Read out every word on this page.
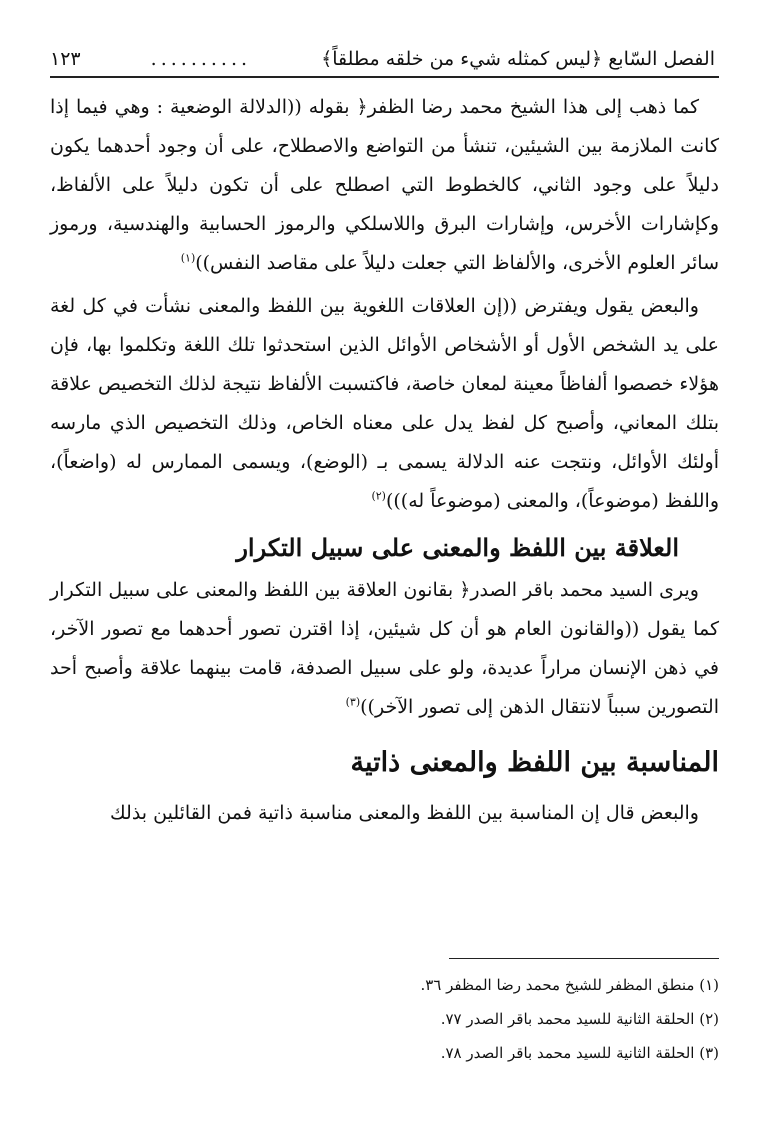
الفصل السّابع ﴿ليس كمثله شيء من خلقه مطلقاً﴾
..........
١٢٣

كما ذهب إلى هذا الشيخ محمد رضا الظفر﴿ بقوله ((الدلالة الوضعية : وهي فيما إذا كانت الملازمة بين الشيئين، تنشأ من التواضع والاصطلاح، على أن وجود أحدهما يكون دليلاً على وجود الثاني، كالخطوط التي اصطلح على أن تكون دليلاً على الألفاظ، وكإشارات الأخرس، وإشارات البرق واللاسلكي والرموز الحسابية والهندسية، ورموز سائر العلوم الأخرى، والألفاظ التي جعلت دليلاً على مقاصد النفس))$^{(١)}$

والبعض يقول ويفترض ((إن العلاقات اللغوية بين اللفظ والمعنى نشأت في كل لغة على يد الشخص الأول أو الأشخاص الأوائل الذين استحدثوا تلك اللغة وتكلموا بها، فإن هؤلاء خصصوا ألفاظاً معينة لمعان خاصة، فاكتسبت الألفاظ نتيجة لذلك التخصيص علاقة بتلك المعاني، وأصبح كل لفظ يدل على معناه الخاص، وذلك التخصيص الذي مارسه أولئك الأوائل، ونتجت عنه الدلالة يسمى بـ (الوضع)، ويسمى الممارس له (واضعاً)، واللفظ (موضوعاً)، والمعنى (موضوعاً له)))$^{(٢)}$

العلاقة بين اللفظ والمعنى على سبيل التكرار

ويرى السيد محمد باقر الصدر﴿ بقانون العلاقة بين اللفظ والمعنى على سبيل التكرار كما يقول ((والقانون العام هو أن كل شيئين، إذا اقترن تصور أحدهما مع تصور الآخر، في ذهن الإنسان مراراً عديدة، ولو على سبيل الصدفة، قامت بينهما علاقة وأصبح أحد التصورين سبباً لانتقال الذهن إلى تصور الآخر))$^{(٣)}$

المناسبة بين اللفظ والمعنى ذاتية

والبعض قال إن المناسبة بين اللفظ والمعنى مناسبة ذاتية فمن القائلين بذلك

(١) منطق المظفر للشيخ محمد رضا المظفر ٣٦.
(٢) الحلقة الثانية للسيد محمد باقر الصدر ٧٧.
(٣) الحلقة الثانية للسيد محمد باقر الصدر ٧٨.
